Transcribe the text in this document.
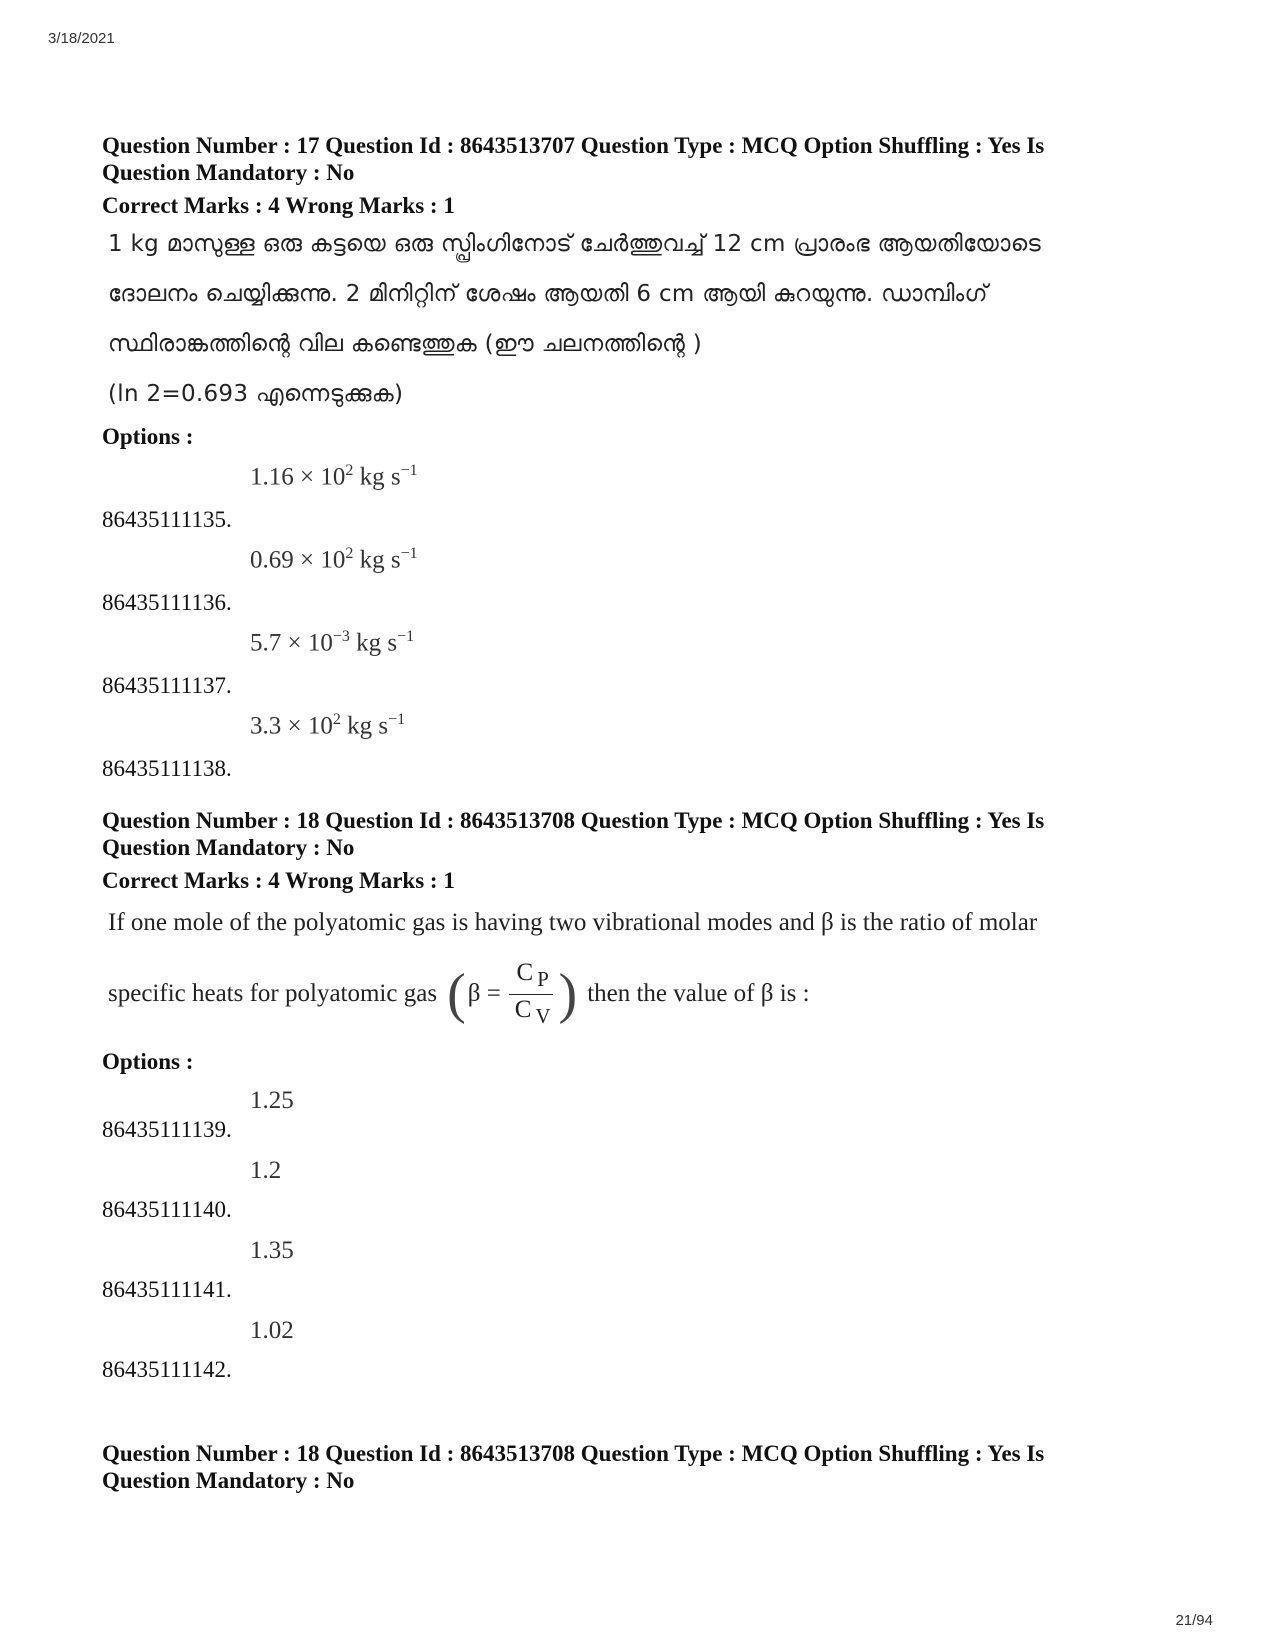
3/18/2021

Question Number : 17 Question Id : 8643513707 Question Type : MCQ Option Shuffling : Yes Is

Question Mandatory : No

Correct Marks : 4 Wrong Marks : 1

1 kg മാസുള്ള ഒരു കട്ടയെ ഒരു സ്പ്രിംഗിനോട് ചേർത്തുവച്ച് 12 cm പ്രാരംഭ ആയതിയോടെ
ദോലനം ചെയ്യിക്കുന്നു. 2 മിനിറ്റിന് ശേഷം ആയതി 6 cm ആയി കുറയുന്നു. ഡാമ്പിംഗ്
സ്ഥിരാങ്കത്തിന്റെ വില കണ്ടെത്തുക (ഈ ചലനത്തിന്റെ )
(ln 2=0.693 എന്നെടുക്കുക)

Options :

86435111135.
$1.16 \times 10^2$ kg $s^{-1}$
86435111136.
$0.69 \times 10^2$ kg $s^{-1}$
86435111137.
$5.7 \times 10^{-3}$ kg $s^{-1}$
86435111138.
$3.3 \times 10^2$ kg $s^{-1}$

Question Number : 18 Question Id : 8643513708 Question Type : MCQ Option Shuffling : Yes Is

Question Mandatory : No

Correct Marks : 4 Wrong Marks : 1

If one mole of the polyatomic gas is having two vibrational modes and β is the ratio of molar
specific heats for polyatomic gas ( $\beta = \frac{C _P}{C _V}$ ) then the value of β is :

Options :

86435111139.
1.25
86435111140.
1.2
86435111141.
1.35
86435111142.
1.02

Question Number : 18 Question Id : 8643513708 Question Type : MCQ Option Shuffling : Yes Is

Question Mandatory : No

21/94
